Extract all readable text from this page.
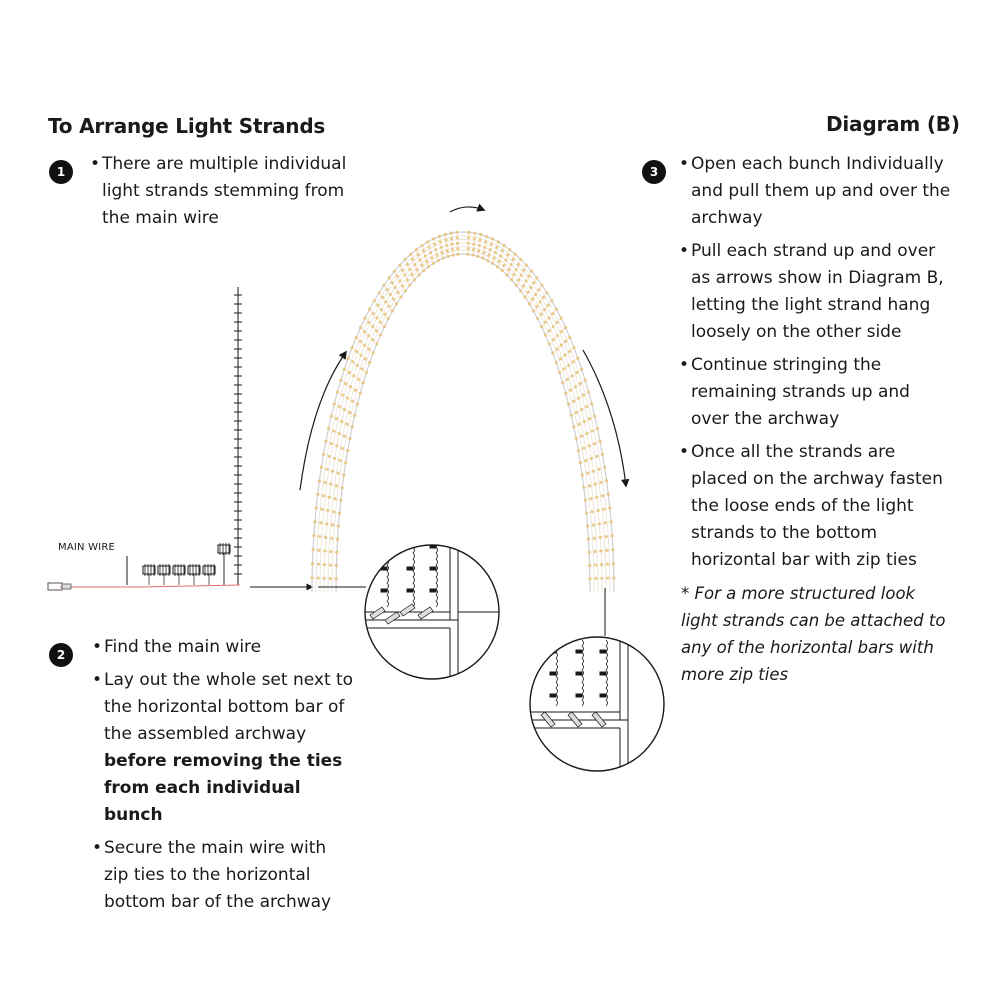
To Arrange Light Strands	Diagram (B)
1	• There are multiple individual light strands stemming from the main wire

2	• Find the main wire

• Lay out the whole set next to the horizontal bottom bar of the assembled archway before removing the ties from each individual bunch

• Secure the main wire with zip ties to the horizontal bottom bar of the archway

3	• Open each bunch Individually and pull them up and over the archway

• Pull each strand up and over as arrows show in Diagram B, letting the light strand hang loosely on the other side

• Continue stringing the remaining strands up and over the archway

• Once all the strands are placed on the archway fasten the loose ends of the light strands to the bottom horizontal bar with zip ties

* For a more structured look light strands can be attached to any of the horizontal bars with more zip ties

MAIN WIRE
